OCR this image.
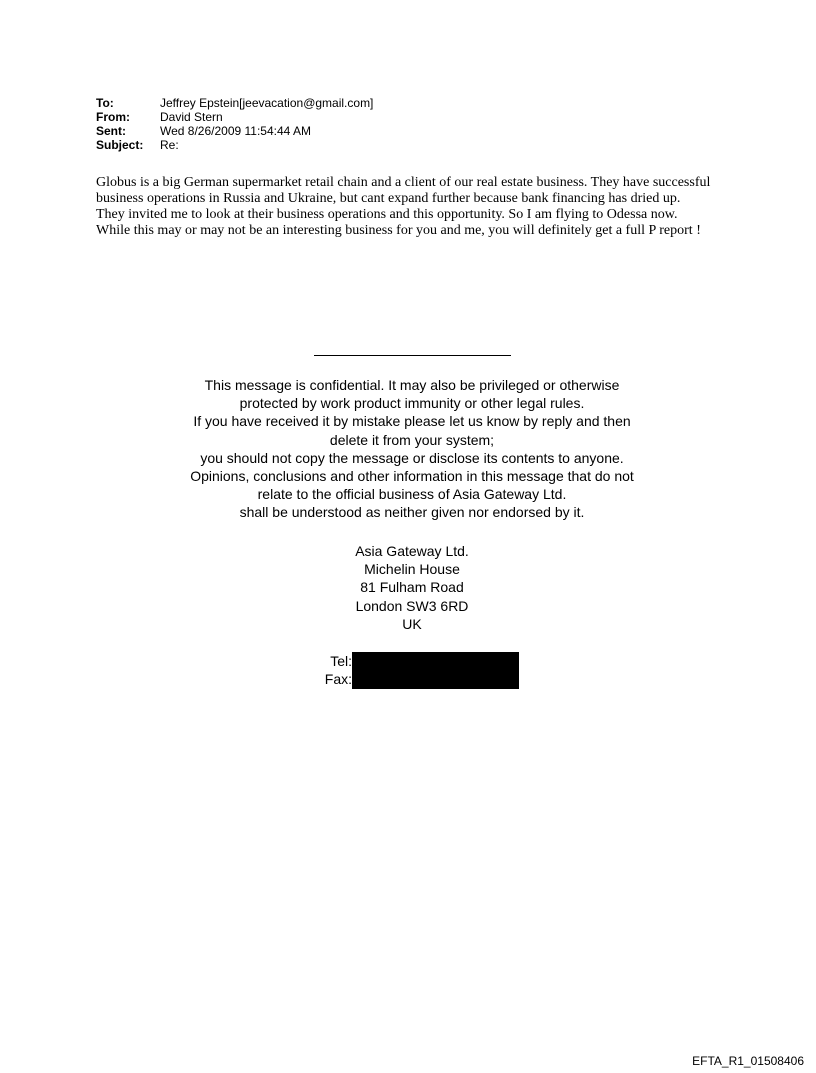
To:	Jeffrey Epstein[jeevacation@gmail.com]
From:	David Stern
Sent:	Wed 8/26/2009 11:54:44 AM
Subject:	Re:

Globus is a big German supermarket retail chain and a client of our real estate business. They have successful business operations in Russia and Ukraine, but cant expand further because bank financing has dried up.

They invited me to look at their business operations and this opportunity. So I am flying to Odessa now.

While this may or may not be an interesting business for you and me, you will definitely get a full P report !

This message is confidential. It may also be privileged or otherwise

protected by work product immunity or other legal rules.

If you have received it by mistake please let us know by reply and then

delete it from your system;

you should not copy the message or disclose its contents to anyone.

Opinions, conclusions and other information in this message that do not

relate to the official business of Asia Gateway Ltd.

shall be understood as neither given nor endorsed by it.

Asia Gateway Ltd.

Michelin House

81 Fulham Road

London SW3 6RD

UK

Tel:
Fax:
EFTA_R1_01508406
